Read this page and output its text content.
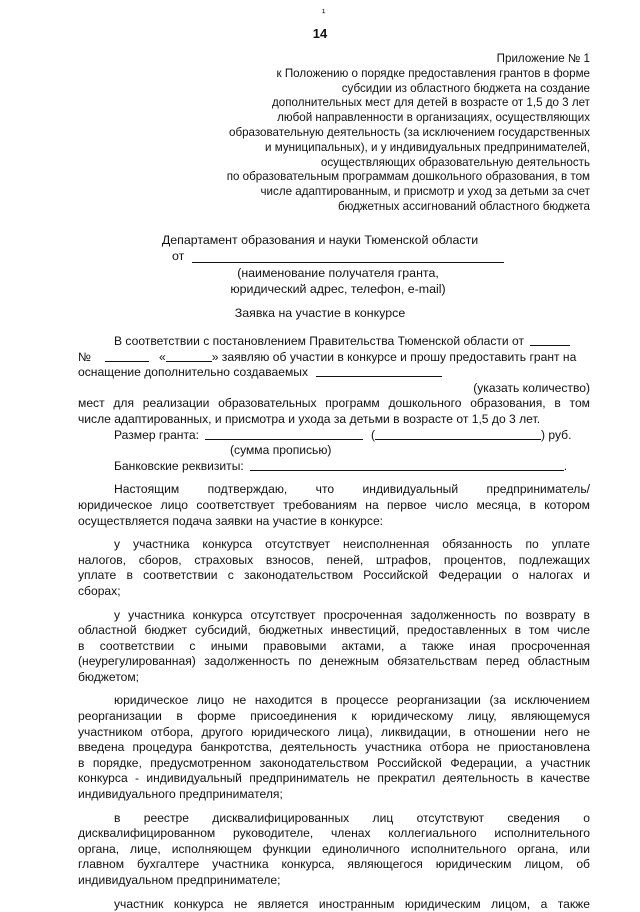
¹
14
Приложение № 1
к Положению о порядке предоставления грантов в форме
субсидии из областного бюджета на создание
дополнительных мест для детей в возрасте от 1,5 до 3 лет
любой направленности в организациях, осуществляющих
образовательную деятельность (за исключением государственных
и муниципальных), и у индивидуальных предпринимателей,
осуществляющих образовательную деятельность
по образовательным программам дошкольного образования, в том
числе адаптированным, и присмотр и уход за детьми за счет
бюджетных ассигнований областного бюджета
Департамент образования и науки Тюменской области
от
(наименование получателя гранта,
юридический адрес, телефон, e-mail)
Заявка на участие в конкурсе
В соответствии с постановлением Правительства Тюменской области от
№	«	» заявляю об участии в конкурсе и прошу предоставить грант на
оснащение дополнительно создаваемых
(указать количество)
мест для реализации образовательных программ дошкольного образования, в том
числе адаптированных, и присмотра и ухода за детьми в возрасте от 1,5 до 3 лет.
Размер гранта:	(	) руб.
(сумма прописью)
Банковские реквизиты:	.
Настоящим подтверждаю, что индивидуальный предприниматель/
юридическое лицо соответствует требованиям на первое число месяца, в котором
осуществляется подача заявки на участие в конкурсе:
у участника конкурса отсутствует неисполненная обязанность по уплате
налогов, сборов, страховых взносов, пеней, штрафов, процентов, подлежащих
уплате в соответствии с законодательством Российской Федерации о налогах и
сборах;
у участника конкурса отсутствует просроченная задолженность по возврату в
областной бюджет субсидий, бюджетных инвестиций, предоставленных в том числе
в соответствии с иными правовыми актами, а также иная просроченная
(неурегулированная) задолженность по денежным обязательствам перед областным
бюджетом;
юридическое лицо не находится в процессе реорганизации (за исключением
реорганизации в форме присоединения к юридическому лицу, являющемуся
участником отбора, другого юридического лица), ликвидации, в отношении него не
введена процедура банкротства, деятельность участника отбора не приостановлена
в порядке, предусмотренном законодательством Российской Федерации, а участник
конкурса - индивидуальный предприниматель не прекратил деятельность в качестве
индивидуального предпринимателя;
в реестре дисквалифицированных лиц отсутствуют сведения о
дисквалифицированном руководителе, членах коллегиального исполнительного
органа, лице, исполняющем функции единоличного исполнительного органа, или
главном бухгалтере участника конкурса, являющегося юридическим лицом, об
индивидуальном предпринимателе;
участник конкурса не является иностранным юридическим лицом, а также
